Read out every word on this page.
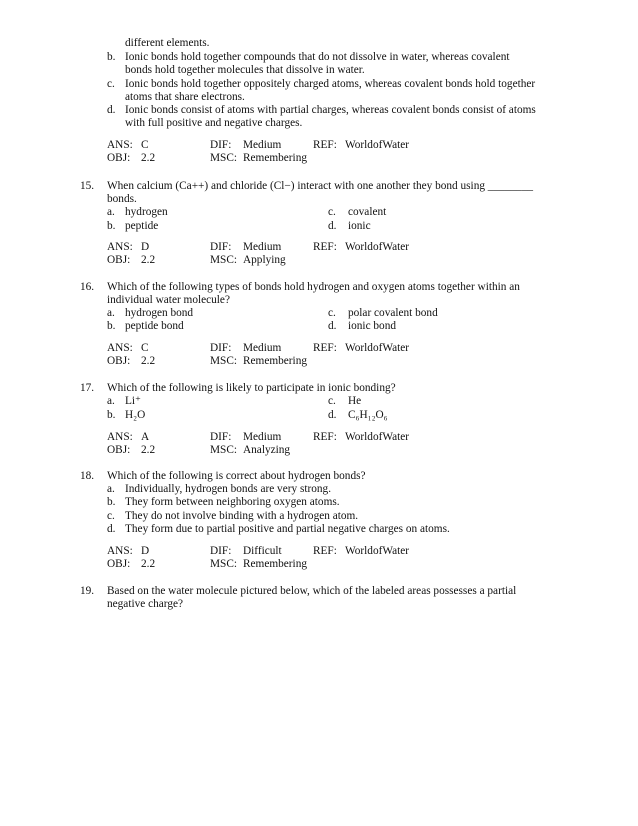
different elements.
b. Ionic bonds hold together compounds that do not dissolve in water, whereas covalent
bonds hold together molecules that dissolve in water.
c. Ionic bonds hold together oppositely charged atoms, whereas covalent bonds hold together
atoms that share electrons.
d. Ionic bonds consist of atoms with partial charges, whereas covalent bonds consist of atoms
with full positive and negative charges.
ANS: C	DIF: Medium	REF: WorldofWater
OBJ: 2.2	MSC: Remembering
15. When calcium (Ca++) and chloride (Cl−) interact with one another they bond using ________
bonds.
a. hydrogen
b. peptide
c. covalent
d. ionic
ANS: D	DIF: Medium	REF: WorldofWater
OBJ: 2.2	MSC: Applying
16. Which of the following types of bonds hold hydrogen and oxygen atoms together within an
individual water molecule?
a. hydrogen bond
b. peptide bond
c. polar covalent bond
d. ionic bond
ANS: C	DIF: Medium	REF: WorldofWater
OBJ: 2.2	MSC: Remembering
17. Which of the following is likely to participate in ionic bonding?
a. Li⁺
b. H₂O
c. He
d. C₆H₁₂O₆
ANS: A	DIF: Medium	REF: WorldofWater
OBJ: 2.2	MSC: Analyzing
18. Which of the following is correct about hydrogen bonds?
a. Individually, hydrogen bonds are very strong.
b. They form between neighboring oxygen atoms.
c. They do not involve binding with a hydrogen atom.
d. They form due to partial positive and partial negative charges on atoms.
ANS: D	DIF: Difficult	REF: WorldofWater
OBJ: 2.2	MSC: Remembering
19. Based on the water molecule pictured below, which of the labeled areas possesses a partial
negative charge?
